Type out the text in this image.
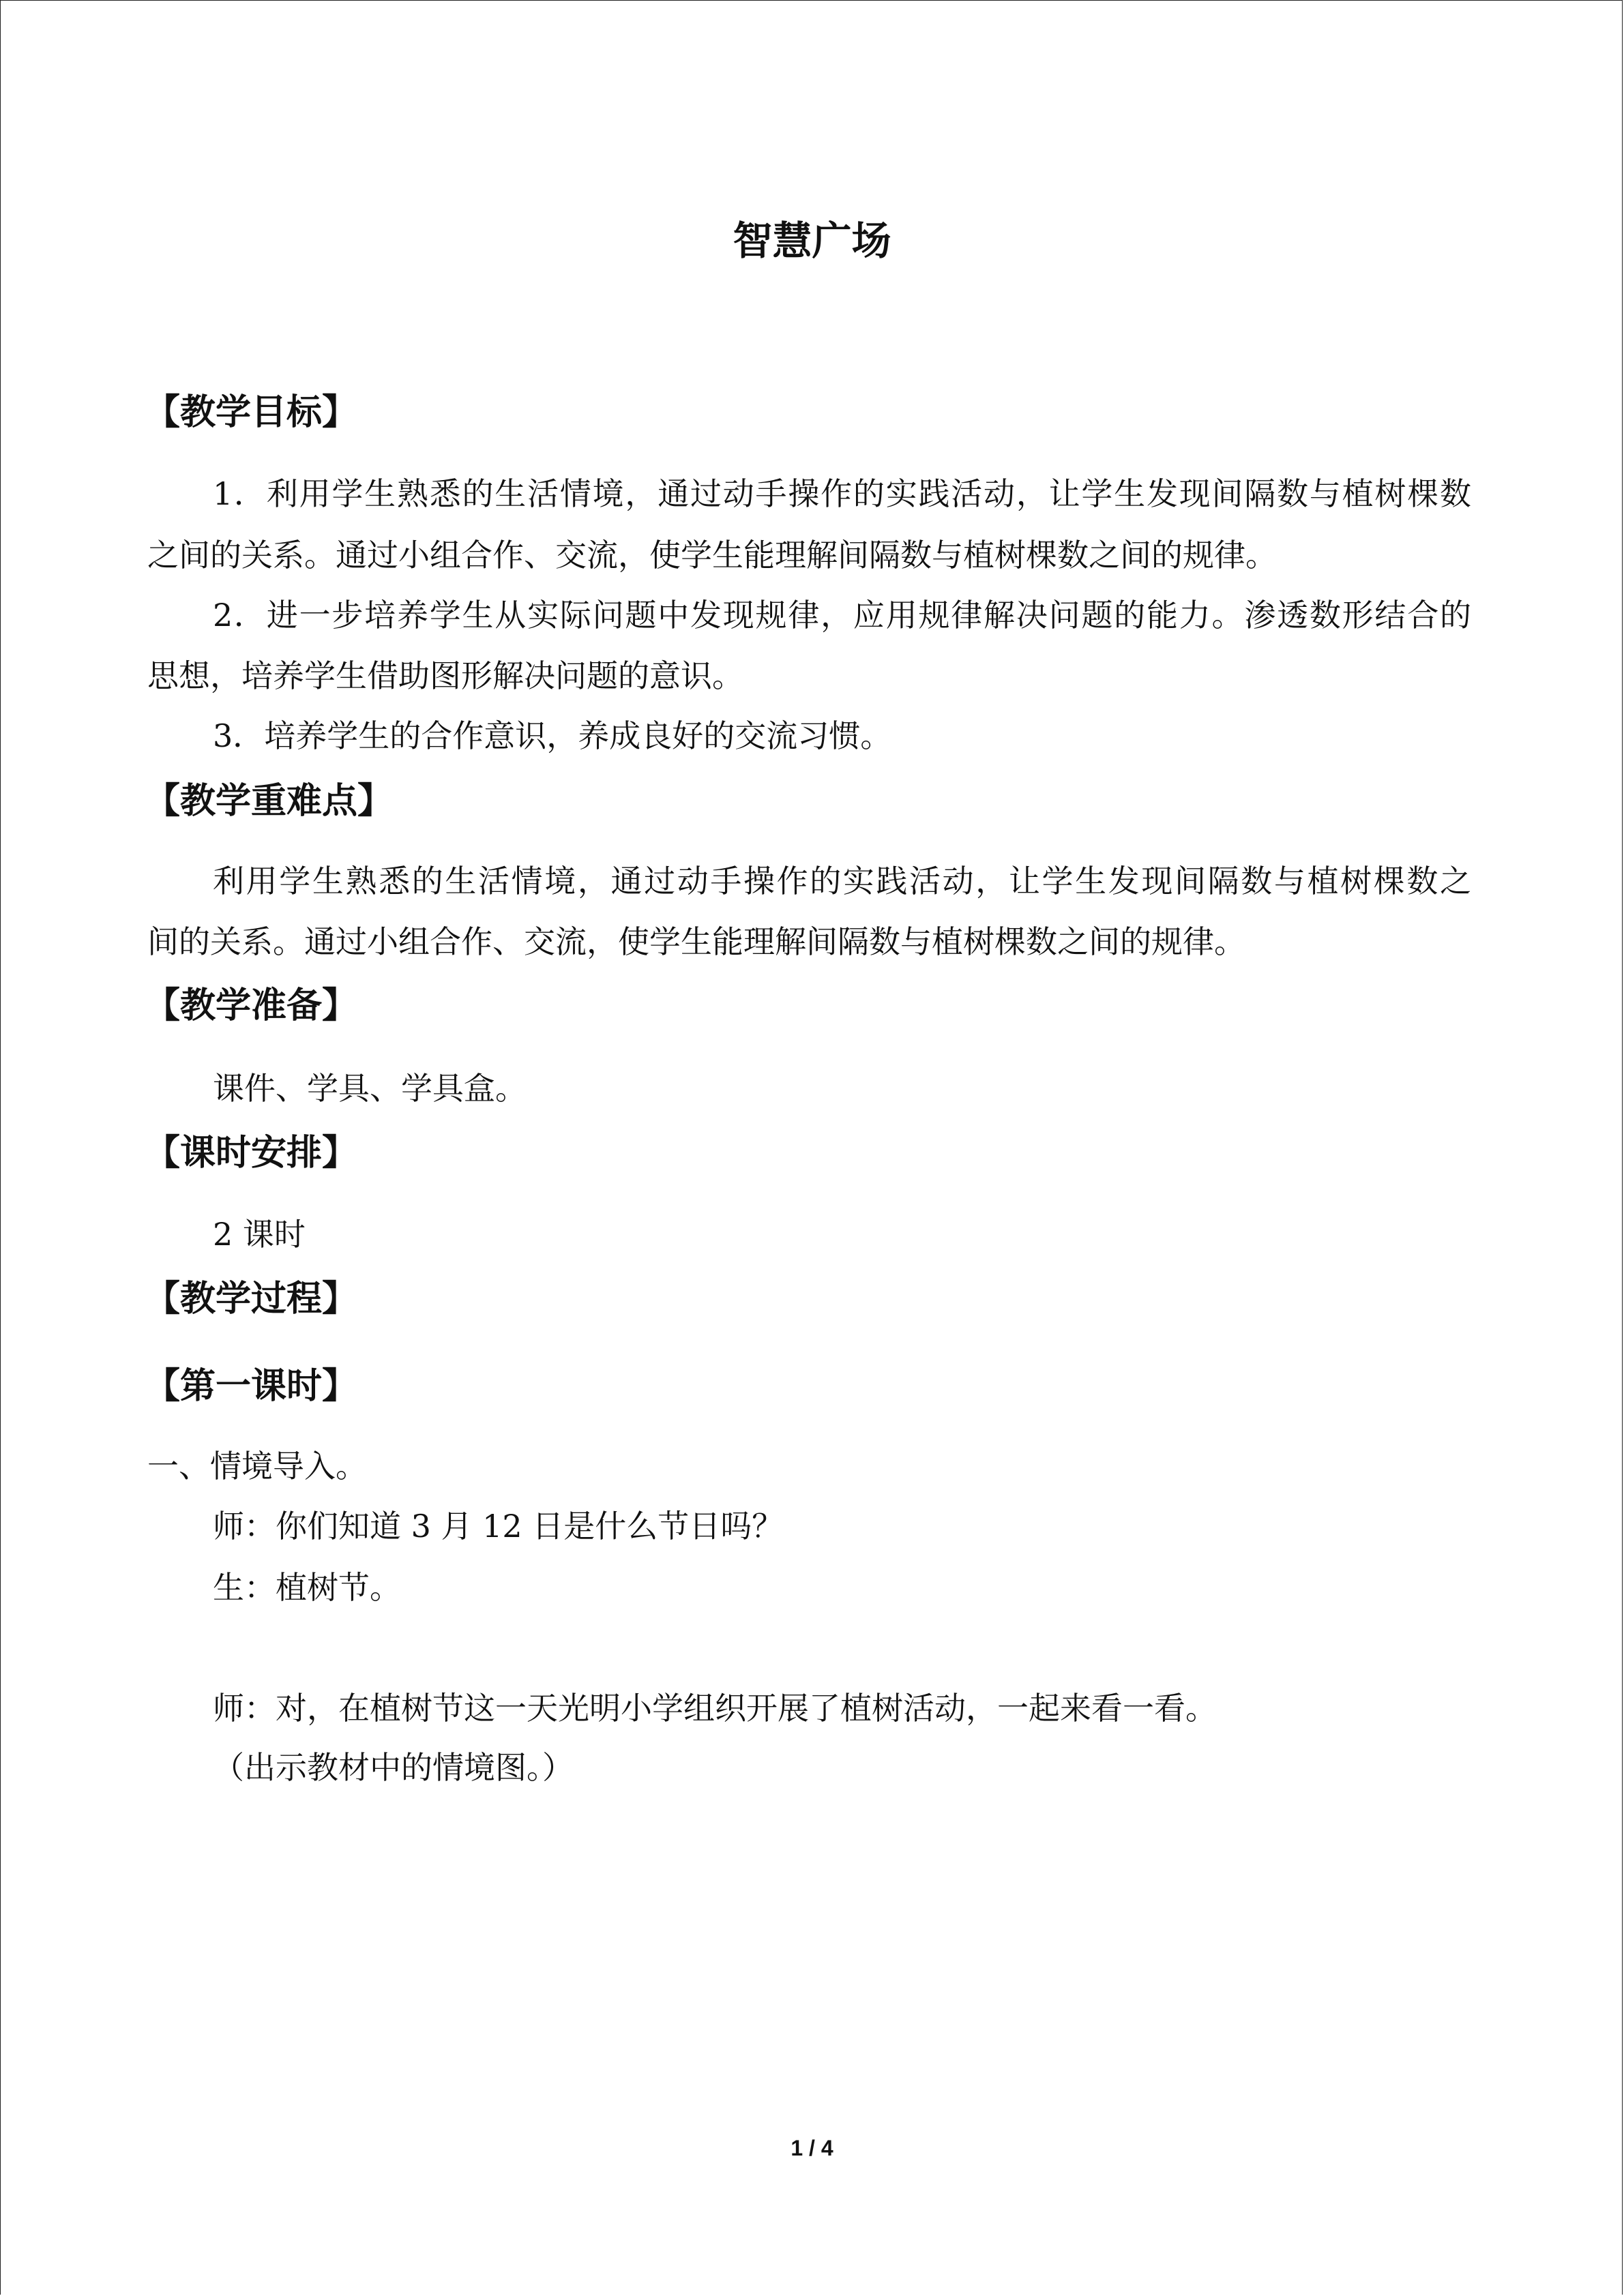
智慧广场
【教学目标】

1．利用学生熟悉的生活情境，通过动手操作的实践活动，让学生发现间隔数与植树棵数

之间的关系。通过小组合作、交流，使学生能理解间隔数与植树棵数之间的规律。

2．进一步培养学生从实际问题中发现规律，应用规律解决问题的能力。渗透数形结合的

思想，培养学生借助图形解决问题的意识。

3．培养学生的合作意识，养成良好的交流习惯。

【教学重难点】

利用学生熟悉的生活情境，通过动手操作的实践活动，让学生发现间隔数与植树棵数之

间的关系。通过小组合作、交流，使学生能理解间隔数与植树棵数之间的规律。

【教学准备】

课件、学具、学具盒。

【课时安排】

2 课时

【教学过程】
【第一课时】

一、情境导入。

师：你们知道 3 月 12 日是什么节日吗？

生：植树节。

师：对，在植树节这一天光明小学组织开展了植树活动，一起来看一看。

（出示教材中的情境图。）

1 / 4
